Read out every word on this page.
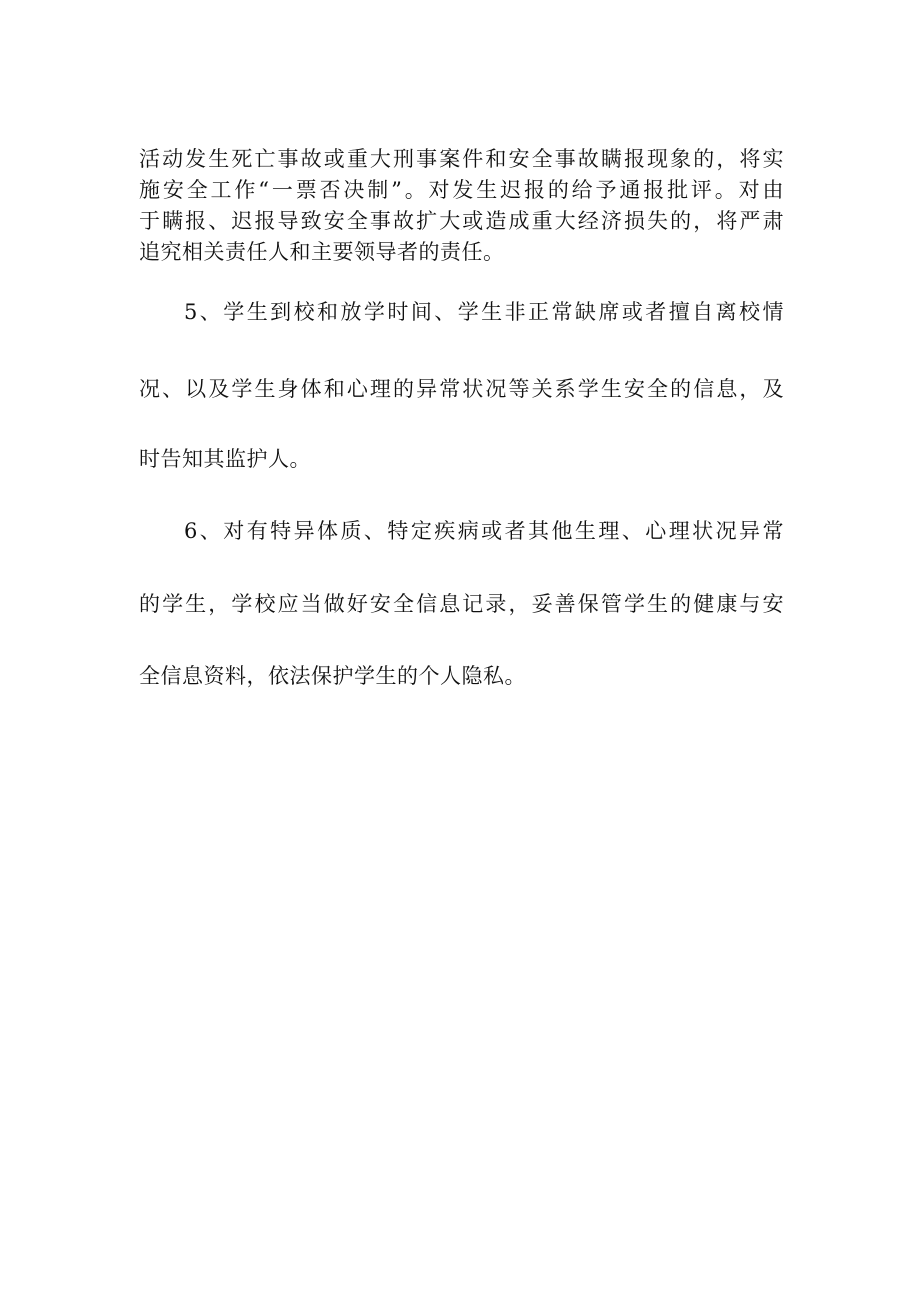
活动发生死亡事故或重大刑事案件和安全事故瞒报现象的，将实
施安全工作“一票否决制”。对发生迟报的给予通报批评。对由
于瞒报、迟报导致安全事故扩大或造成重大经济损失的，将严肃
追究相关责任人和主要领导者的责任。
5、学生到校和放学时间、学生非正常缺席或者擅自离校情
况、以及学生身体和心理的异常状况等关系学生安全的信息，及
时告知其监护人。
6、对有特异体质、特定疾病或者其他生理、心理状况异常
的学生，学校应当做好安全信息记录，妥善保管学生的健康与安
全信息资料，依法保护学生的个人隐私。
